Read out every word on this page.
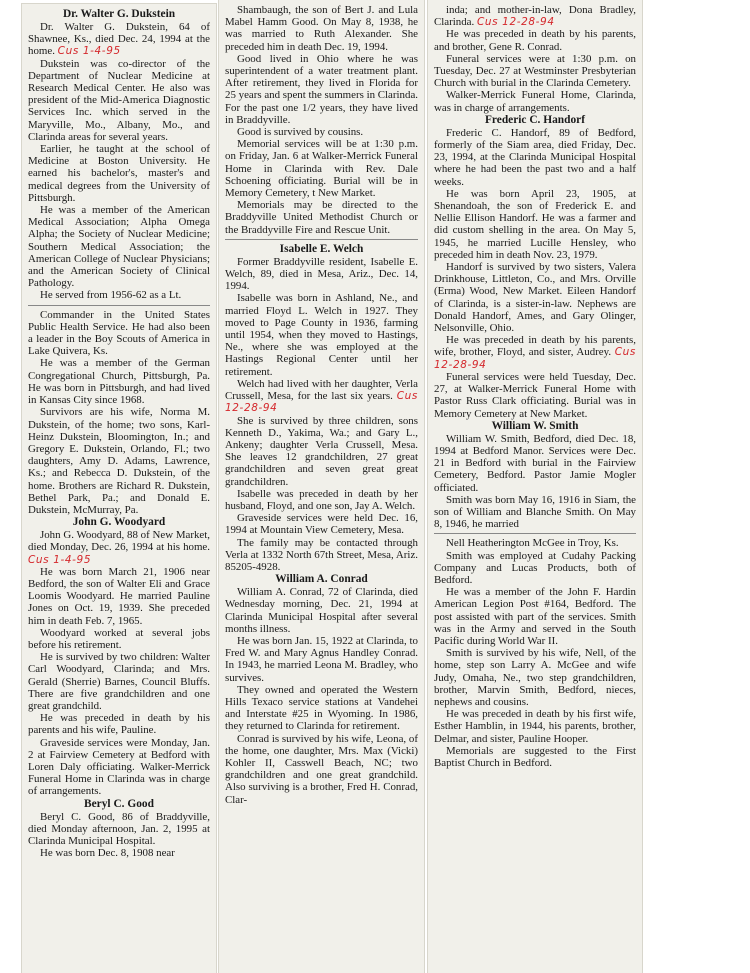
Dr. Walter G. Dukstein

Dr. Walter G. Dukstein, 64 of Shawnee, Ks., died Dec. 24, 1994 at the home. Cus 1-4-95

Dukstein was co-director of the Department of Nuclear Medicine at Research Medical Center. He also was president of the Mid-America Diagnostic Services Inc. which served in the Maryville, Mo., Albany, Mo., and Clarinda areas for several years.

Earlier, he taught at the school of Medicine at Boston University. He earned his bachelor's, master's and medical degrees from the University of Pittsburgh.

He was a member of the American Medical Association; Alpha Omega Alpha; the Society of Nuclear Medicine; Southern Medical Association; the American College of Nuclear Physicians; and the American Society of Clinical Pathology.

He served from 1956-62 as a Lt.

Commander in the United States Public Health Service. He had also been a leader in the Boy Scouts of America in Lake Quivera, Ks.

He was a member of the German Congregational Church, Pittsburgh, Pa. He was born in Pittsburgh, and had lived in Kansas City since 1968.

Survivors are his wife, Norma M. Dukstein, of the home; two sons, Karl-Heinz Dukstein, Bloomington, In.; and Gregory E. Dukstein, Orlando, Fl.; two daughters, Amy D. Adams, Lawrence, Ks.; and Rebecca D. Dukstein, of the home. Brothers are Richard R. Dukstein, Bethel Park, Pa.; and Donald E. Dukstein, McMurray, Pa.

John G. Woodyard

John G. Woodyard, 88 of New Market, died Monday, Dec. 26, 1994 at his home. Cus 1-4-95

He was born March 21, 1906 near Bedford, the son of Walter Eli and Grace Loomis Woodyard. He married Pauline Jones on Oct. 19, 1939. She preceded him in death Feb. 7, 1965.

Woodyard worked at several jobs before his retirement.

He is survived by two children: Walter Carl Woodyard, Clarinda; and Mrs. Gerald (Sherrie) Barnes, Council Bluffs. There are five grandchildren and one great grandchild.

He was preceded in death by his parents and his wife, Pauline.

Graveside services were Monday, Jan. 2 at Fairview Cemetery at Bedford with Loren Daly officiating. Walker-Merrick Funeral Home in Clarinda was in charge of arrangements.

Beryl C. Good

Beryl C. Good, 86 of Braddyville, died Monday afternoon, Jan. 2, 1995 at Clarinda Municipal Hospital.

He was born Dec. 8, 1908 near

Shambaugh, the son of Bert J. and Lula Mabel Hamm Good. On May 8, 1938, he was married to Ruth Alexander. She preceded him in death Dec. 19, 1994.

Good lived in Ohio where he was superintendent of a water treatment plant. After retirement, they lived in Florida for 25 years and spent the summers in Clarinda. For the past one 1/2 years, they have lived in Braddyville.

Good is survived by cousins.

Memorial services will be at 1:30 p.m. on Friday, Jan. 6 at Walker-Merrick Funeral Home in Clarinda with Rev. Dale Schoening officiating. Burial will be in Memory Cemetery, t New Market.

Memorials may be directed to the Braddyville United Methodist Church or the Braddyville Fire and Rescue Unit.

Isabelle E. Welch

Former Braddyville resident, Isabelle E. Welch, 89, died in Mesa, Ariz., Dec. 14, 1994.

Isabelle was born in Ashland, Ne., and married Floyd L. Welch in 1927. They moved to Page County in 1936, farming until 1954, when they moved to Hastings, Ne., where she was employed at the Hastings Regional Center until her retirement.

Welch had lived with her daughter, Verla Crussell, Mesa, for the last six years. Cus 12-28-94

She is survived by three children, sons Kenneth D., Yakima, Wa.; and Gary L., Ankeny; daughter Verla Crussell, Mesa. She leaves 12 grandchildren, 27 great grandchildren and seven great great grandchildren.

Isabelle was preceded in death by her husband, Floyd, and one son, Jay A. Welch.

Graveside services were held Dec. 16, 1994 at Mountain View Cemetery, Mesa.

The family may be contacted through Verla at 1332 North 67th Street, Mesa, Ariz. 85205-4928.

William A. Conrad

William A. Conrad, 72 of Clarinda, died Wednesday morning, Dec. 21, 1994 at Clarinda Municipal Hospital after several months illness.

He was born Jan. 15, 1922 at Clarinda, to Fred W. and Mary Agnus Handley Conrad. In 1943, he married Leona M. Bradley, who survives.

They owned and operated the Western Hills Texaco service stations at Vandehei and Interstate #25 in Wyoming. In 1986, they returned to Clarinda for retirement.

Conrad is survived by his wife, Leona, of the home, one daughter, Mrs. Max (Vicki) Kohler II, Casswell Beach, NC; two grandchildren and one great grandchild. Also surviving is a brother, Fred H. Conrad, Clar-

inda; and mother-in-law, Dona Bradley, Clarinda. Cus 12-28-94

He was preceded in death by his parents, and brother, Gene R. Conrad.

Funeral services were at 1:30 p.m. on Tuesday, Dec. 27 at Westminster Presbyterian Church with burial in the Clarinda Cemetery.

Walker-Merrick Funeral Home, Clarinda, was in charge of arrangements.

Frederic C. Handorf

Frederic C. Handorf, 89 of Bedford, formerly of the Siam area, died Friday, Dec. 23, 1994, at the Clarinda Municipal Hospital where he had been the past two and a half weeks.

He was born April 23, 1905, at Shenandoah, the son of Frederick E. and Nellie Ellison Handorf. He was a farmer and did custom shelling in the area. On May 5, 1945, he married Lucille Hensley, who preceded him in death Nov. 23, 1979.

Handorf is survived by two sisters, Valera Drinkhouse, Littleton, Co., and Mrs. Orville (Erma) Wood, New Market. Eileen Handorf of Clarinda, is a sister-in-law. Nephews are Donald Handorf, Ames, and Gary Olinger, Nelsonville, Ohio.

He was preceded in death by his parents, wife, brother, Floyd, and sister, Audrey. Cus 12-28-94

Funeral services were held Tuesday, Dec. 27, at Walker-Merrick Funeral Home with Pastor Russ Clark officiating. Burial was in Memory Cemetery at New Market.

William W. Smith

William W. Smith, Bedford, died Dec. 18, 1994 at Bedford Manor. Services were Dec. 21 in Bedford with burial in the Fairview Cemetery, Bedford. Pastor Jamie Mogler officiated.

Smith was born May 16, 1916 in Siam, the son of William and Blanche Smith. On May 8, 1946, he married

Nell Heatherington McGee in Troy, Ks.

Smith was employed at Cudahy Packing Company and Lucas Products, both of Bedford.

He was a member of the John F. Hardin American Legion Post #164, Bedford. The post assisted with part of the services. Smith was in the Army and served in the South Pacific during World War II.

Smith is survived by his wife, Nell, of the home, step son Larry A. McGee and wife Judy, Omaha, Ne., two step grandchildren, brother, Marvin Smith, Bedford, nieces, nephews and cousins.

He was preceded in death by his first wife, Esther Hamblin, in 1944, his parents, brother, Delmar, and sister, Pauline Hooper.

Memorials are suggested to the First Baptist Church in Bedford.
